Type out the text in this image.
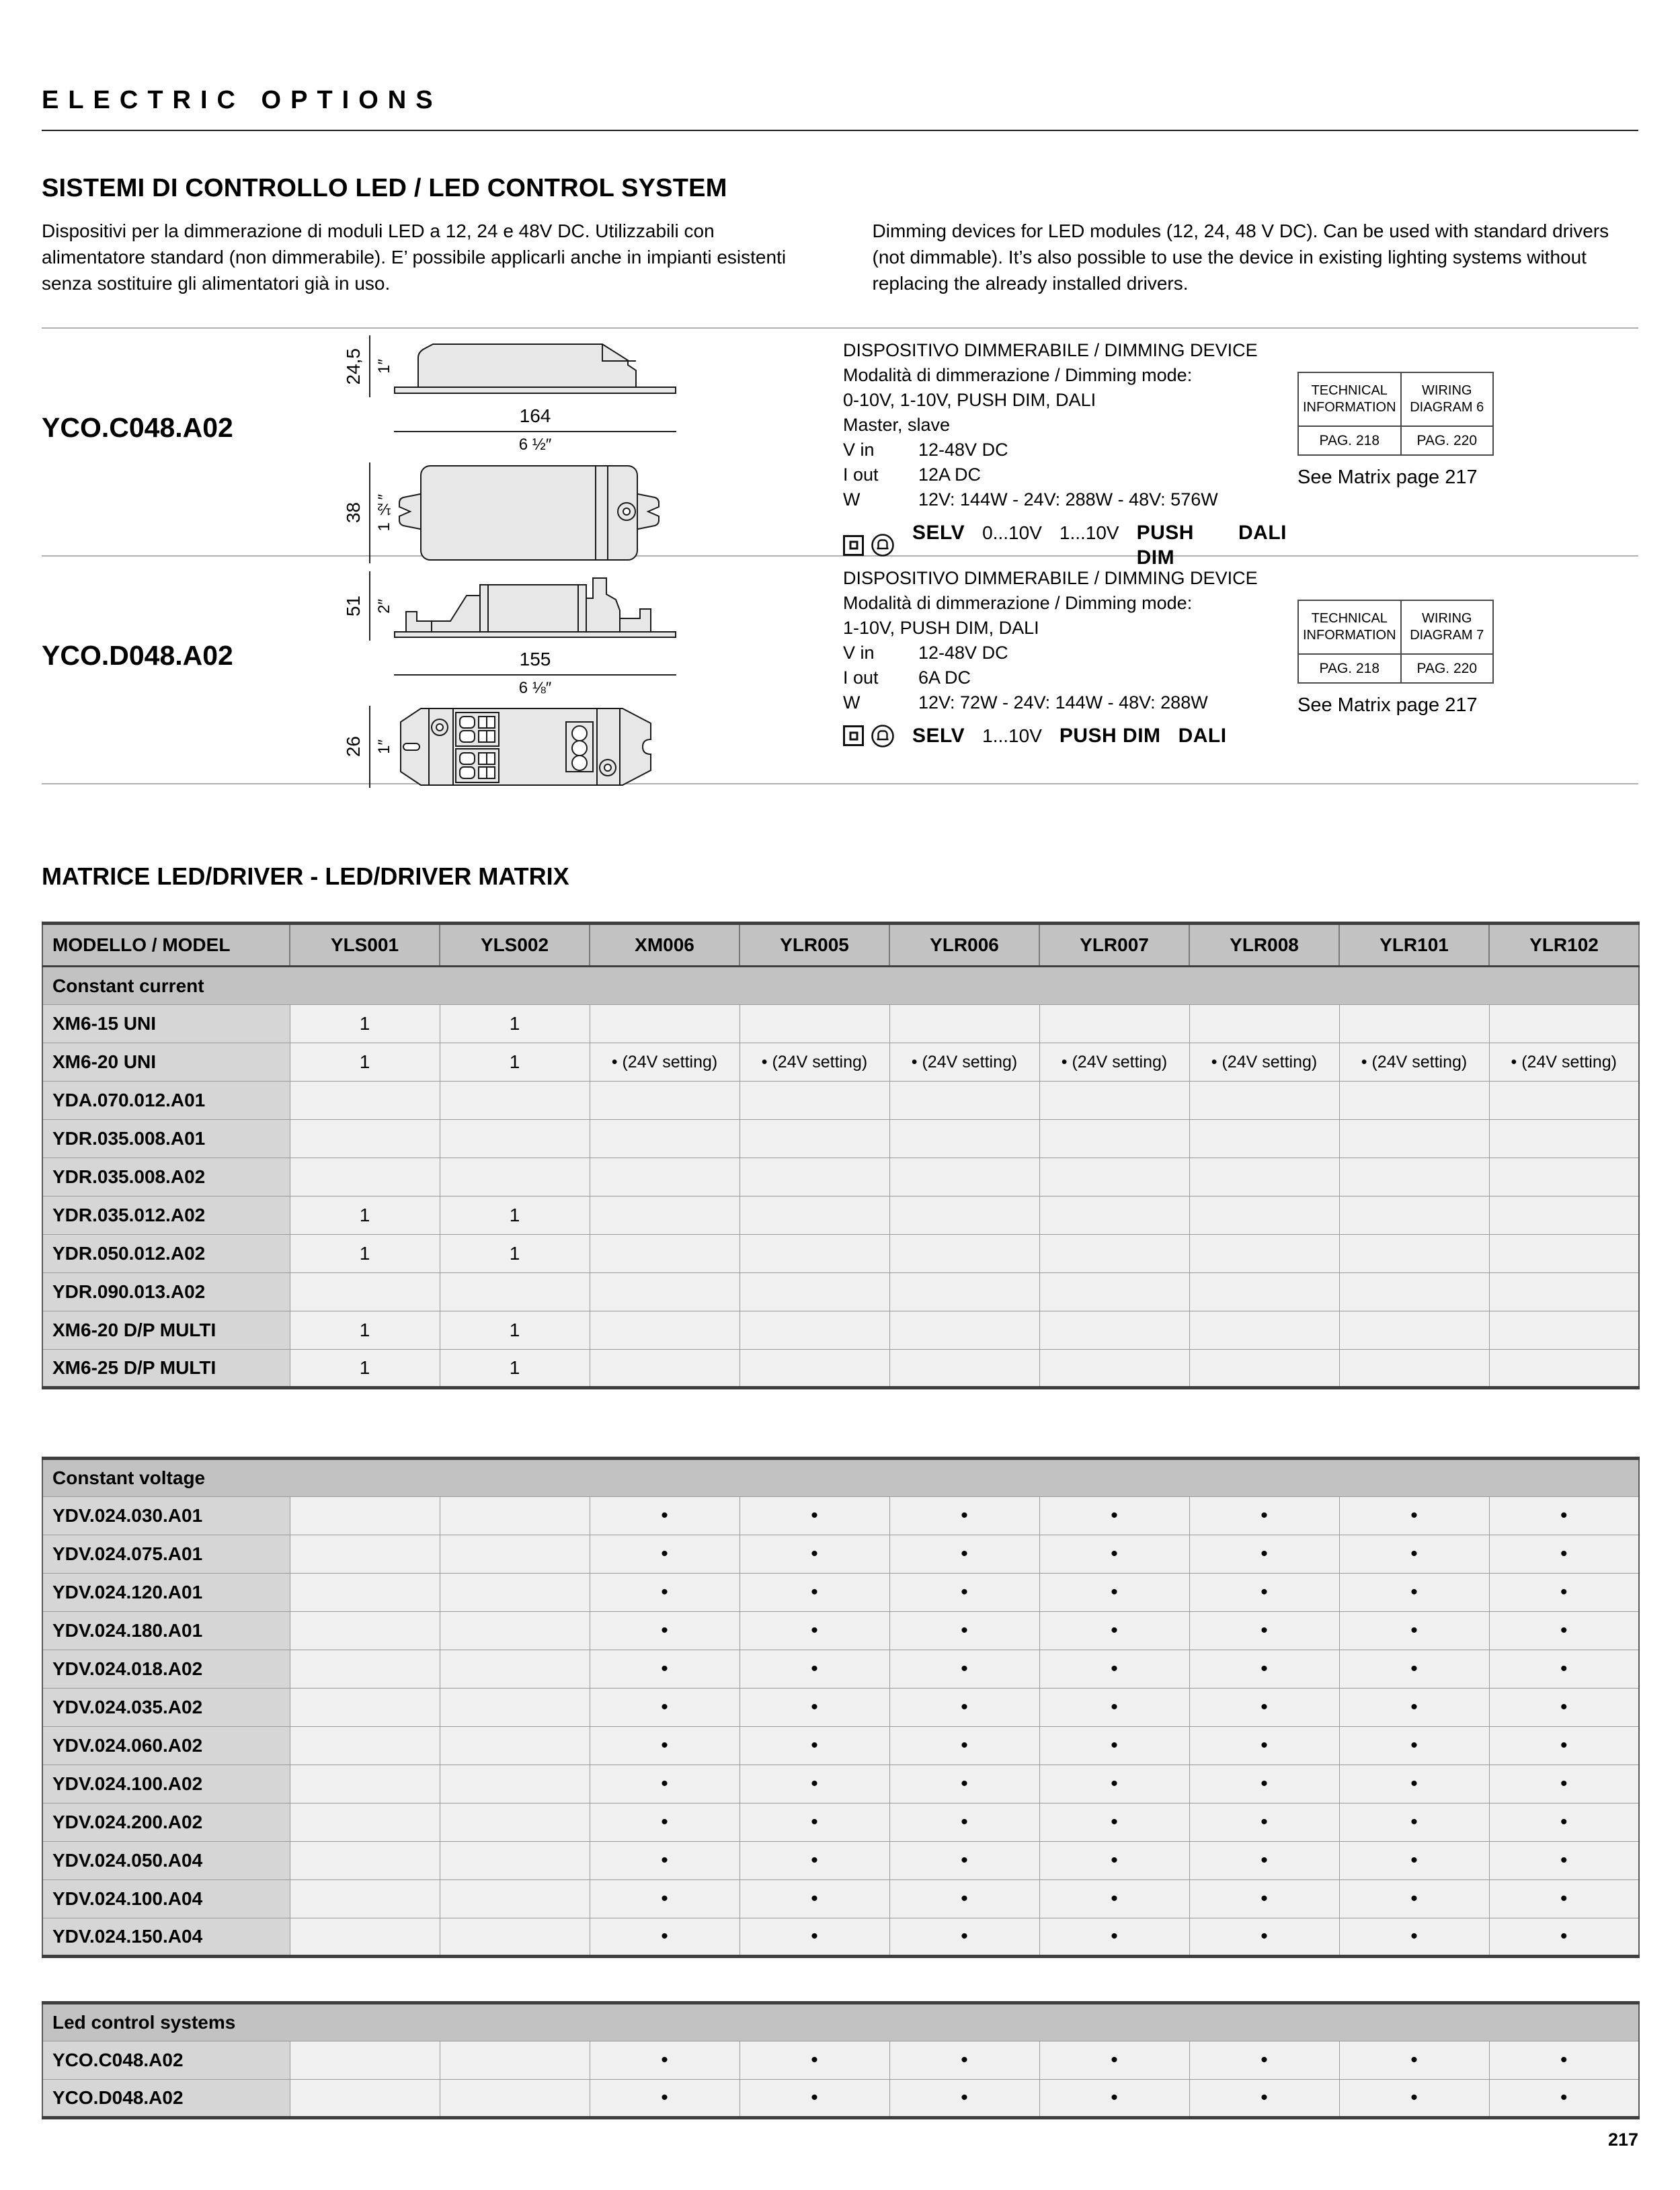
ELECTRIC OPTIONS
SISTEMI DI CONTROLLO LED / LED CONTROL SYSTEM

Dispositivi per la dimmerazione di moduli LED a 12, 24 e 48V DC. Utilizzabili con alimentatore standard (non dimmerabile). E’ possibile applicarli anche in impianti esistenti senza sostituire gli alimentatori già in uso.

Dimming devices for LED modules (12, 24, 48 V DC). Can be used with standard drivers (not dimmable). It’s also possible to use the device in existing lighting systems without replacing the already installed drivers.

YCO.C048.A02
24,5 1″
164
6 ½″
38 1 ½″
DISPOSITIVO DIMMERABILE / DIMMING DEVICE
Modalità di dimmerazione / Dimming mode:
0-10V, 1-10V, PUSH DIM, DALI
Master, slave
V in	12-48V DC
I out	12A DC
W	12V: 144W - 24V: 288W - 48V: 576W
SELV 0...10V 1...10V PUSH DIM
DALI
TECHNICAL INFORMATION
WIRING DIAGRAM 6
PAG. 218	PAG. 220
See Matrix page 217
YCO.D048.A02
51 2″
155
6 ⅛″
26 1″
DISPOSITIVO DIMMERABILE / DIMMING DEVICE
Modalità di dimmerazione / Dimming mode:
1-10V, PUSH DIM, DALI
V in	12-48V DC
I out	6A DC
W	12V: 72W - 24V: 144W - 48V: 288W
SELV 1...10V PUSH DIM DALI
TECHNICAL INFORMATION
WIRING DIAGRAM 7
PAG. 218	PAG. 220
See Matrix page 217
MATRICE LED/DRIVER - LED/DRIVER MATRIX
MODELLO / MODEL	YLS001	YLS002	XM006	YLR005	YLR006	YLR007	YLR008	YLR101	YLR102
Constant current									
XM6-15 UNI	1	1							
XM6-20 UNI	1	1	• (24V setting)	• (24V setting)	• (24V setting)	• (24V setting)	• (24V setting)	• (24V setting)	• (24V setting)
YDA.070.012.A01									
YDR.035.008.A01									
YDR.035.008.A02									
YDR.035.012.A02	1	1							
YDR.050.012.A02	1	1							
YDR.090.013.A02									
XM6-20 D/P MULTI	1	1							
XM6-25 D/P MULTI	1	1							
Constant voltage									
YDV.024.030.A01			•	•	•	•	•	•	•
YDV.024.075.A01			•	•	•	•	•	•	•
YDV.024.120.A01			•	•	•	•	•	•	•
YDV.024.180.A01			•	•	•	•	•	•	•
YDV.024.018.A02			•	•	•	•	•	•	•
YDV.024.035.A02			•	•	•	•	•	•	•
YDV.024.060.A02			•	•	•	•	•	•	•
YDV.024.100.A02			•	•	•	•	•	•	•
YDV.024.200.A02			•	•	•	•	•	•	•
YDV.024.050.A04			•	•	•	•	•	•	•
YDV.024.100.A04			•	•	•	•	•	•	•
YDV.024.150.A04			•	•	•	•	•	•	•
Led control systems									
YCO.C048.A02			•	•	•	•	•	•	•
YCO.D048.A02			•	•	•	•	•	•	•
217
